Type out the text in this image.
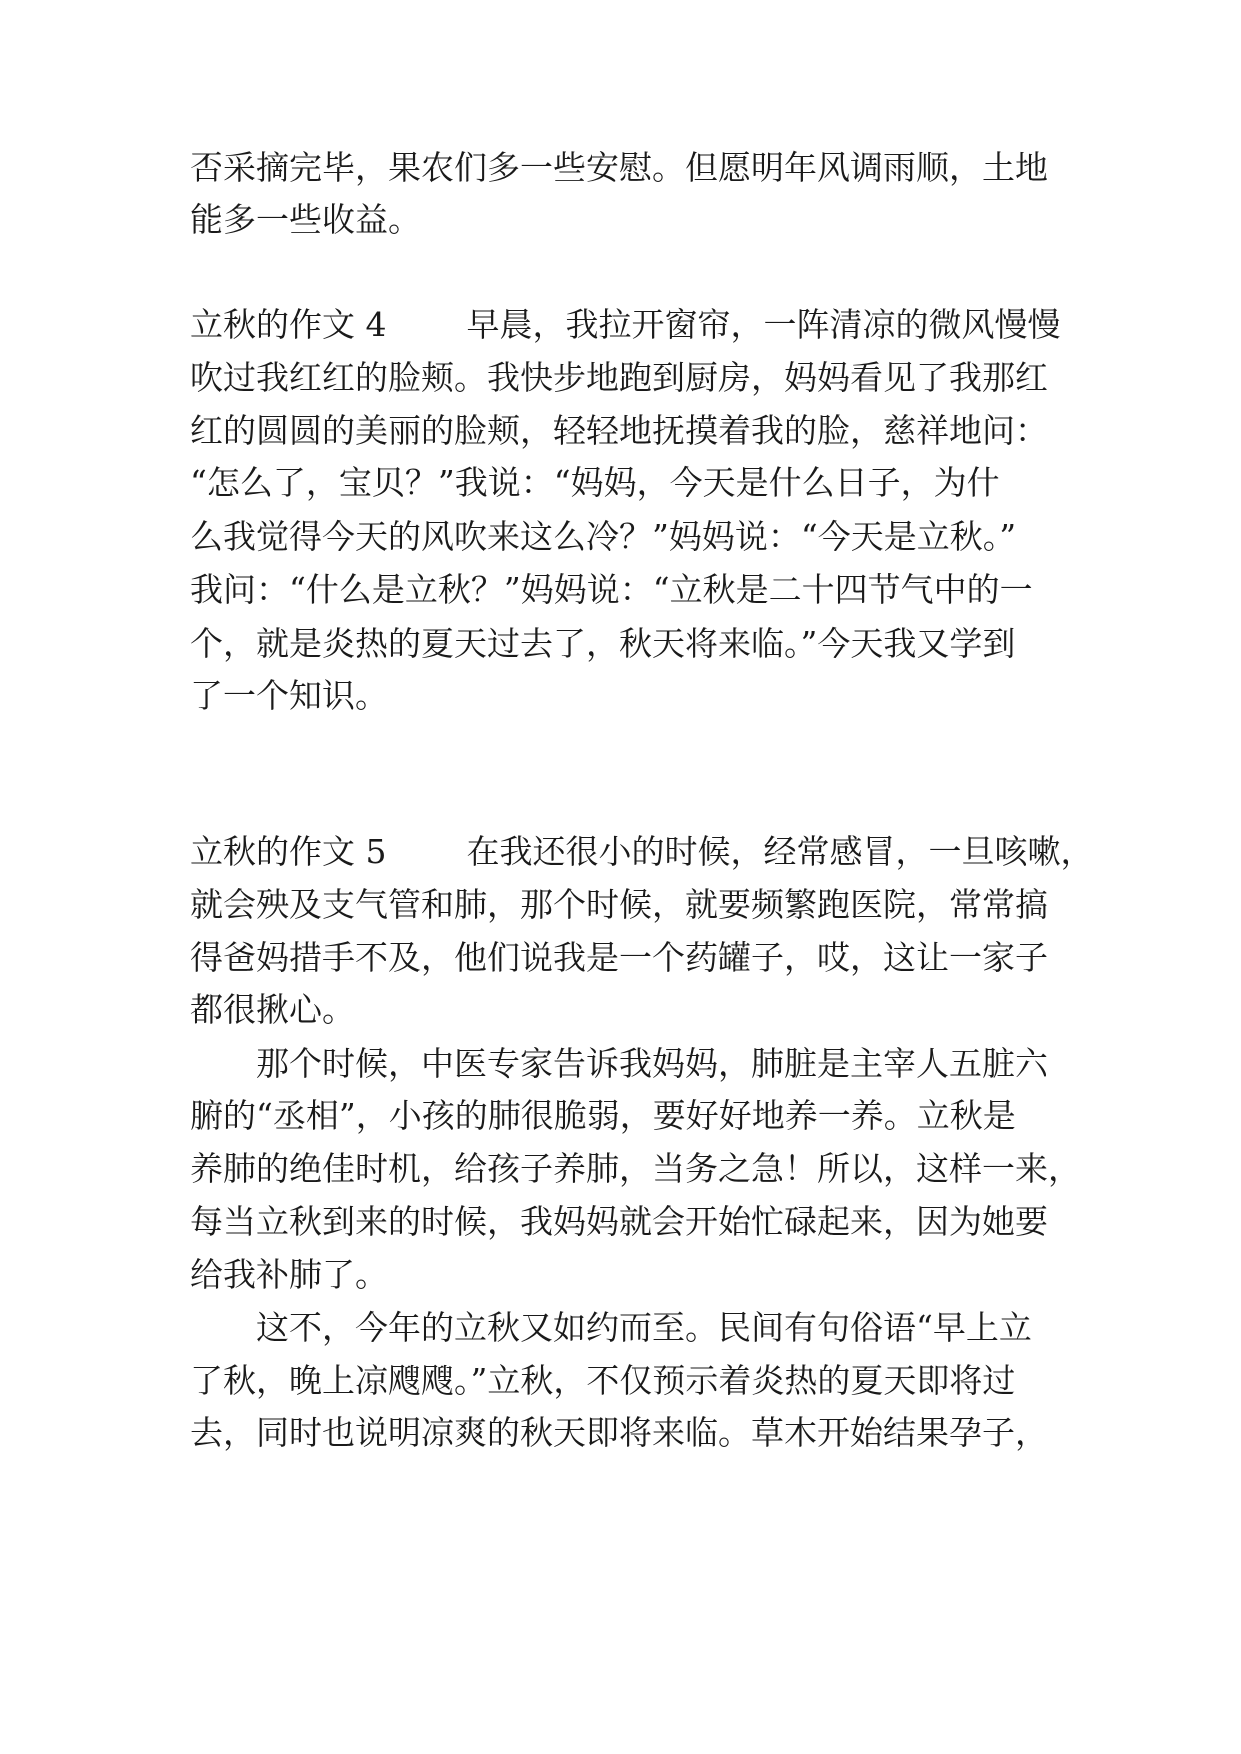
否采摘完毕，果农们多一些安慰。但愿明年风调雨顺，土地
能多一些收益。
立秋的作文 4 早晨，我拉开窗帘，一阵清凉的微风慢慢
吹过我红红的脸颊。我快步地跑到厨房，妈妈看见了我那红
红的圆圆的美丽的脸颊，轻轻地抚摸着我的脸，慈祥地问：
“怎么了，宝贝？”我说：“妈妈，今天是什么日子，为什
么我觉得今天的风吹来这么冷？”妈妈说：“今天是立秋。”
我问：“什么是立秋？”妈妈说：“立秋是二十四节气中的一
个，就是炎热的夏天过去了，秋天将来临。”今天我又学到
了一个知识。
立秋的作文 5 在我还很小的时候，经常感冒，一旦咳嗽，
就会殃及支气管和肺，那个时候，就要频繁跑医院，常常搞
得爸妈措手不及，他们说我是一个药罐子，哎，这让一家子
都很揪心。
　　那个时候，中医专家告诉我妈妈，肺脏是主宰人五脏六
腑的“丞相”，小孩的肺很脆弱，要好好地养一养。立秋是
养肺的绝佳时机，给孩子养肺，当务之急！所以，这样一来，
每当立秋到来的时候，我妈妈就会开始忙碌起来，因为她要
给我补肺了。
　　这不，今年的立秋又如约而至。民间有句俗语“早上立
了秋，晚上凉飕飕。”立秋，不仅预示着炎热的夏天即将过
去，同时也说明凉爽的秋天即将来临。草木开始结果孕子，
